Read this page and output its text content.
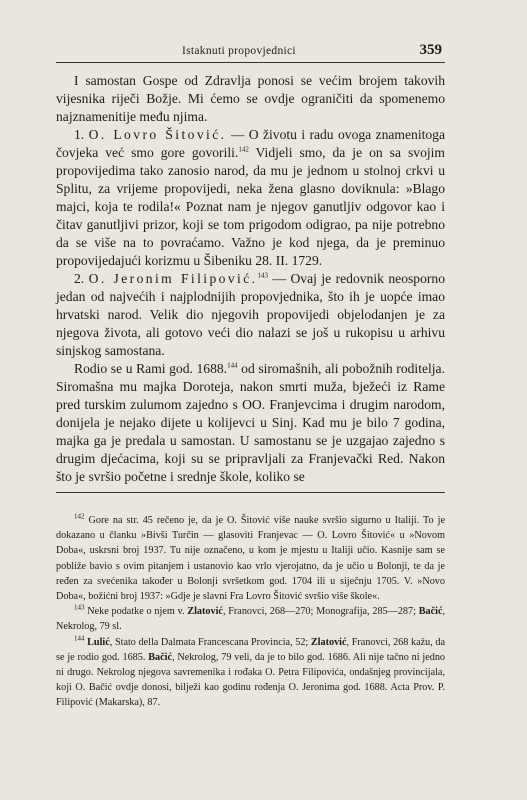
Istaknuti propovjednici	359

I samostan Gospe od Zdravlja ponosi se većim brojem takovih vijesnika riječi Božje. Mi ćemo se ovdje ograničiti da spomenemo najznamenitije među njima.

1. O. Lovro Šitović. — O životu i radu ovoga znamenitoga čovjeka već smo gore govorili.$^{142}$ Vidjeli smo, da je on sa svojim propovijedima tako zanosio narod, da mu je jednom u stolnoj crkvi u Splitu, za vrijeme propovijedi, neka žena glasno doviknula: »Blago majci, koja te rodila!« Poznat nam je njegov ganutljiv odgovor kao i čitav ganutljivi prizor, koji se tom prigodom odigrao, pa nije potrebno da se više na to povraćamo. Važno je kod njega, da je preminuo propovijedajući korizmu u Šibeniku 28. II. 1729.

2. O. Jeronim Filipović.$^{143}$ — Ovaj je redovnik neosporno jedan od najvećih i najplodnijih propovjednika, što ih je uopće imao hrvatski narod. Velik dio njegovih propovijedi objelodanjen je za njegova života, ali gotovo veći dio nalazi se još u rukopisu u arhivu sinjskog samostana.

Rodio se u Rami god. 1688.$^{144}$ od siromašnih, ali pobožnih roditelja. Siromašna mu majka Doroteja, nakon smrti muža, bježeći iz Rame pred turskim zulumom zajedno s OO. Franjevcima i drugim narodom, donijela je nejako dijete u kolijevci u Sinj. Kad mu je bilo 7 godina, majka ga je predala u samostan. U samostanu se je uzgajao zajedno s drugim djećacima, koji su se pripravljali za Franjevački Red. Nakon što je svršio početne i srednje škole, koliko se

$^{142}$ Gore na str. 45 rečeno je, da je O. Šitović više nauke svršio sigurno u Italiji. To je dokazano u članku »Bivši Turčin — glasoviti Franjevac — O. Lovro Šitović« u »Novom Doba«, uskrsni broj 1937. Tu nije označeno, u kom je mjestu u Italiji učio. Kasnije sam se pobliže bavio s ovim pitanjem i ustanovio kao vrlo vjerojatno, da je učio u Bolonji, te da je ređen za svećenika također u Bolonji svršetkom god. 1704 ili u siječnju 1705. V. »Novo Doba«, božićni broj 1937: »Gdje je slavni Fra Lovro Šitović svršio više škole«.

$^{143}$ Neke podatke o njem v. Zlatović, Franovci, 268—270; Monografija, 285—287; Bačić, Nekrolog, 79 sl.

$^{144}$ Lulić, Stato della Dalmata Francescana Provincia, 52; Zlatović, Franovci, 268 kažu, da se je rodio god. 1685. Bačić, Nekrolog, 79 veli, da je to bilo god. 1686. Ali nije tačno ni jedno ni drugo. Nekrolog njegova savremenika i rođaka O. Petra Filipovića, ondašnjeg provincijala, koji O. Bačić ovdje donosi, bilježi kao godinu rođenja O. Jeronima god. 1688. Acta Prov. P. Filipović (Makarska), 87.
